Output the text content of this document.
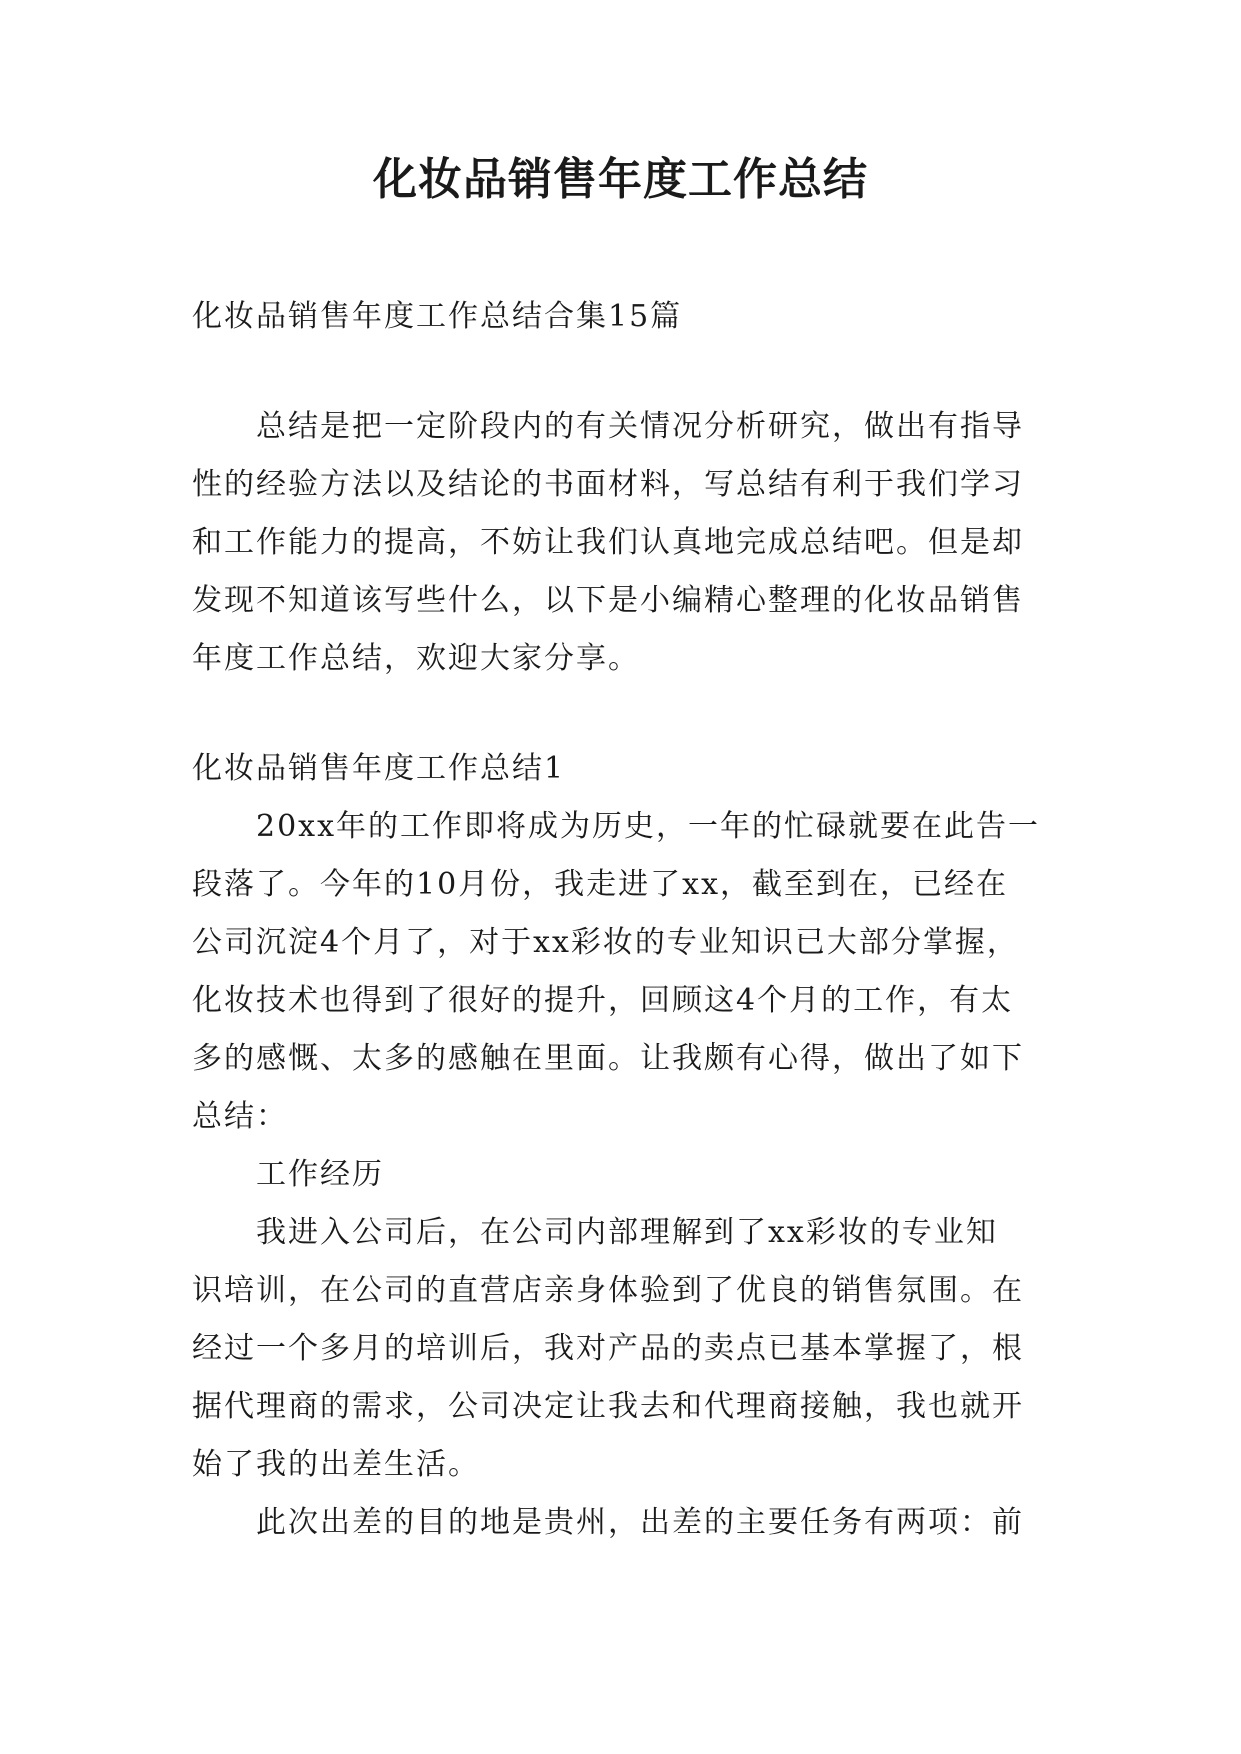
化妆品销售年度工作总结

化妆品销售年度工作总结合集15篇

总结是把一定阶段内的有关情况分析研究，做出有指导

性的经验方法以及结论的书面材料，写总结有利于我们学习

和工作能力的提高，不妨让我们认真地完成总结吧。但是却

发现不知道该写些什么，以下是小编精心整理的化妆品销售

年度工作总结，欢迎大家分享。

化妆品销售年度工作总结1

20xx年的工作即将成为历史，一年的忙碌就要在此告一

段落了。今年的10月份，我走进了xx，截至到在，已经在

公司沉淀4个月了，对于xx彩妆的专业知识已大部分掌握，

化妆技术也得到了很好的提升，回顾这4个月的工作，有太

多的感慨、太多的感触在里面。让我颇有心得，做出了如下

总结：

工作经历

我进入公司后，在公司内部理解到了xx彩妆的专业知

识培训，在公司的直营店亲身体验到了优良的销售氛围。在

经过一个多月的培训后，我对产品的卖点已基本掌握了，根

据代理商的需求，公司决定让我去和代理商接触，我也就开

始了我的出差生活。

此次出差的目的地是贵州，出差的主要任务有两项：前
